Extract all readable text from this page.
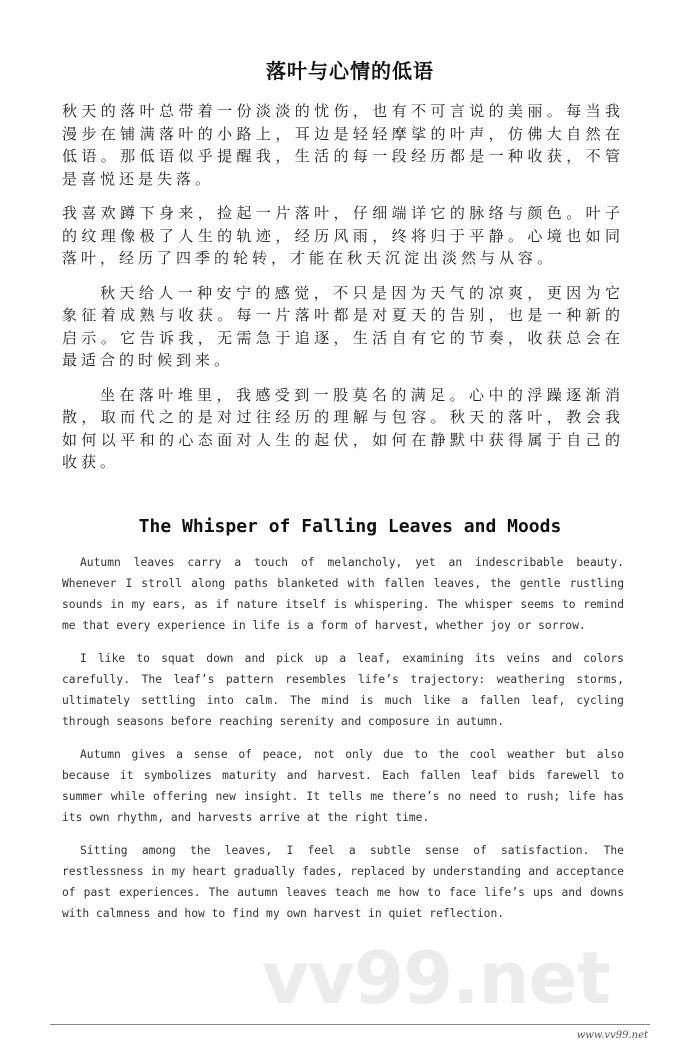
落叶与心情的低语

秋天的落叶总带着一份淡淡的忧伤，也有不可言说的美丽。每当我漫步在铺满落叶的小路上，耳边是轻轻摩挲的叶声，仿佛大自然在低语。那低语似乎提醒我，生活的每一段经历都是一种收获，不管是喜悦还是失落。

我喜欢蹲下身来，捡起一片落叶，仔细端详它的脉络与颜色。叶子的纹理像极了人生的轨迹，经历风雨，终将归于平静。心境也如同落叶，经历了四季的轮转，才能在秋天沉淀出淡然与从容。

秋天给人一种安宁的感觉，不只是因为天气的凉爽，更因为它象征着成熟与收获。每一片落叶都是对夏天的告别，也是一种新的启示。它告诉我，无需急于追逐，生活自有它的节奏，收获总会在最适合的时候到来。

坐在落叶堆里，我感受到一股莫名的满足。心中的浮躁逐渐消散，取而代之的是对过往经历的理解与包容。秋天的落叶，教会我如何以平和的心态面对人生的起伏，如何在静默中获得属于自己的收获。

The Whisper of Falling Leaves and Moods

Autumn leaves carry a touch of melancholy, yet an indescribable beauty. Whenever I stroll along paths blanketed with fallen leaves, the gentle rustling sounds in my ears, as if nature itself is whispering. The whisper seems to remind me that every experience in life is a form of harvest, whether joy or sorrow.

I like to squat down and pick up a leaf, examining its veins and colors carefully. The leaf’s pattern resembles life’s trajectory: weathering storms, ultimately settling into calm. The mind is much like a fallen leaf, cycling through seasons before reaching serenity and composure in autumn.

Autumn gives a sense of peace, not only due to the cool weather but also because it symbolizes maturity and harvest. Each fallen leaf bids farewell to summer while offering new insight. It tells me there’s no need to rush; life has its own rhythm, and harvests arrive at the right time.

Sitting among the leaves, I feel a subtle sense of satisfaction. The restlessness in my heart gradually fades, replaced by understanding and acceptance of past experiences. The autumn leaves teach me how to face life’s ups and downs with calmness and how to find my own harvest in quiet reflection.

vv99.net
www.vv99.net
